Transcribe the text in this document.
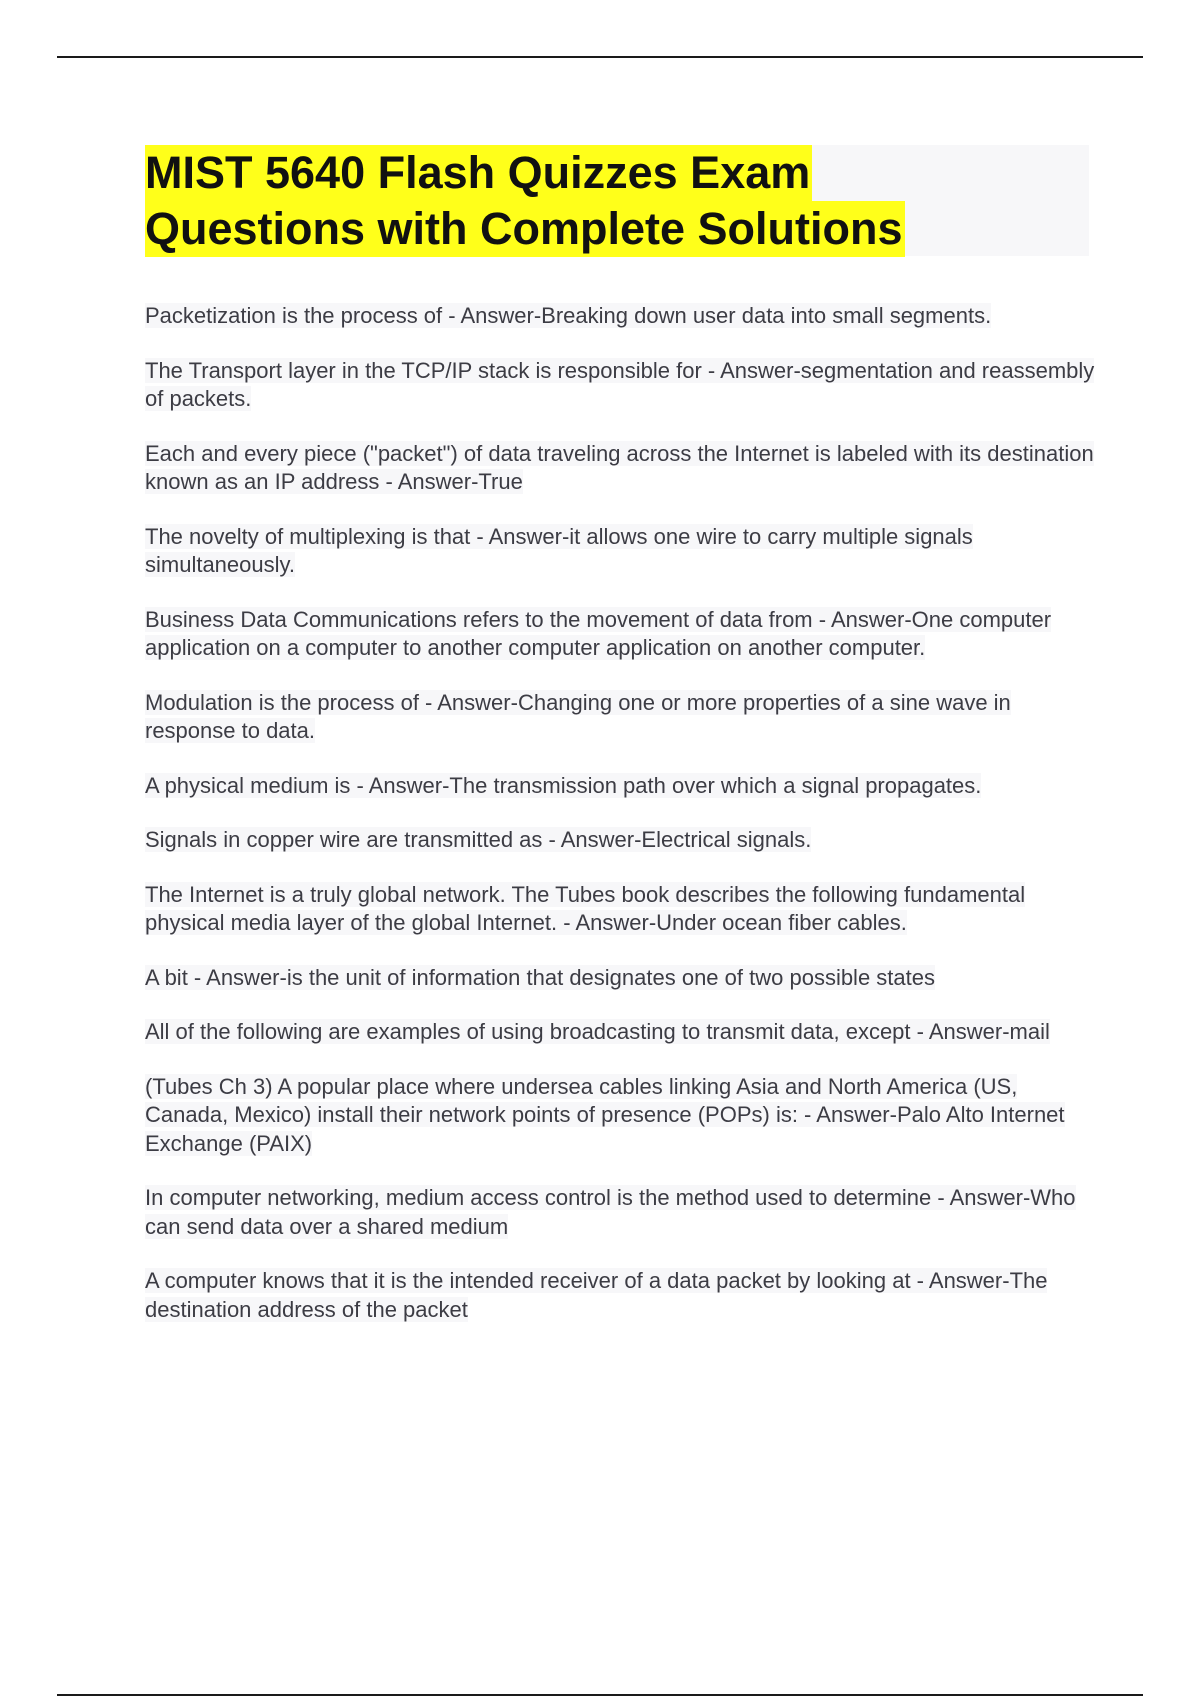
MIST 5640 Flash Quizzes Exam
Questions with Complete Solutions
Packetization is the process of - Answer-Breaking down user data into small segments.
The Transport layer in the TCP/IP stack is responsible for - Answer-segmentation and reassembly of packets.
Each and every piece ("packet") of data traveling across the Internet is labeled with its destination known as an IP address - Answer-True
The novelty of multiplexing is that - Answer-it allows one wire to carry multiple signals simultaneously.
Business Data Communications refers to the movement of data from - Answer-One computer application on a computer to another computer application on another computer.
Modulation is the process of - Answer-Changing one or more properties of a sine wave in response to data.
A physical medium is - Answer-The transmission path over which a signal propagates.
Signals in copper wire are transmitted as - Answer-Electrical signals.
The Internet is a truly global network. The Tubes book describes the following fundamental physical media layer of the global Internet. - Answer-Under ocean fiber cables.
A bit - Answer-is the unit of information that designates one of two possible states
All of the following are examples of using broadcasting to transmit data, except - Answer-mail
(Tubes Ch 3) A popular place where undersea cables linking Asia and North America (US, Canada, Mexico) install their network points of presence (POPs) is: - Answer-Palo Alto Internet Exchange (PAIX)
In computer networking, medium access control is the method used to determine - Answer-Who can send data over a shared medium
A computer knows that it is the intended receiver of a data packet by looking at - Answer-The destination address of the packet
